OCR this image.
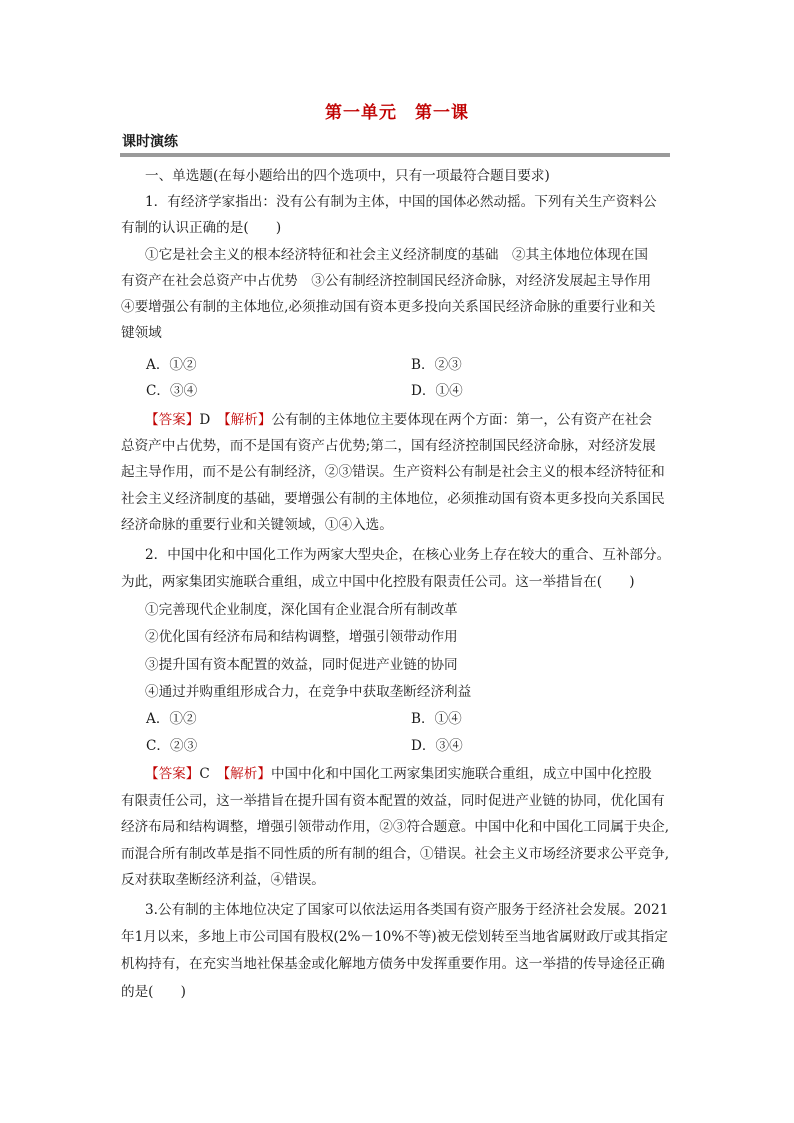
第一单元　第一课
课时演练
一、单选题(在每小题给出的四个选项中，只有一项最符合题目要求)
1．有经济学家指出：没有公有制为主体，中国的国体必然动摇。下列有关生产资料公
有制的认识正确的是(　　)
①它是社会主义的根本经济特征和社会主义经济制度的基础　②其主体地位体现在国
有资产在社会总资产中占优势　③公有制经济控制国民经济命脉，对经济发展起主导作用
④要增强公有制的主体地位,必须推动国有资本更多投向关系国民经济命脉的重要行业和关
键领域
A．①②	B．②③
C．③④	D．①④
【答案】D　 【解析】公有制的主体地位主要体现在两个方面：第一，公有资产在社会
总资产中占优势，而不是国有资产占优势;第二，国有经济控制国民经济命脉，对经济发展
起主导作用，而不是公有制经济，②③错误。生产资料公有制是社会主义的根本经济特征和
社会主义经济制度的基础，要增强公有制的主体地位，必须推动国有资本更多投向关系国民
经济命脉的重要行业和关键领域，①④入选。
2．中国中化和中国化工作为两家大型央企，在核心业务上存在较大的重合、互补部分。
为此，两家集团实施联合重组，成立中国中化控股有限责任公司。这一举措旨在(　　)
①完善现代企业制度，深化国有企业混合所有制改革
②优化国有经济布局和结构调整，增强引领带动作用
③提升国有资本配置的效益，同时促进产业链的协同
④通过并购重组形成合力，在竞争中获取垄断经济利益
A．①②	B．①④
C．②③	D．③④
【答案】C　 【解析】中国中化和中国化工两家集团实施联合重组，成立中国中化控股
有限责任公司，这一举措旨在提升国有资本配置的效益，同时促进产业链的协同，优化国有
经济布局和结构调整，增强引领带动作用，②③符合题意。中国中化和中国化工同属于央企,
而混合所有制改革是指不同性质的所有制的组合，①错误。社会主义市场经济要求公平竞争,
反对获取垄断经济利益，④错误。
3.公有制的主体地位决定了国家可以依法运用各类国有资产服务于经济社会发展。2021
年1月以来，多地上市公司国有股权(2%－10%不等)被无偿划转至当地省属财政厅或其指定
机构持有，在充实当地社保基金或化解地方债务中发挥重要作用。这一举措的传导途径正确
的是(　　)
